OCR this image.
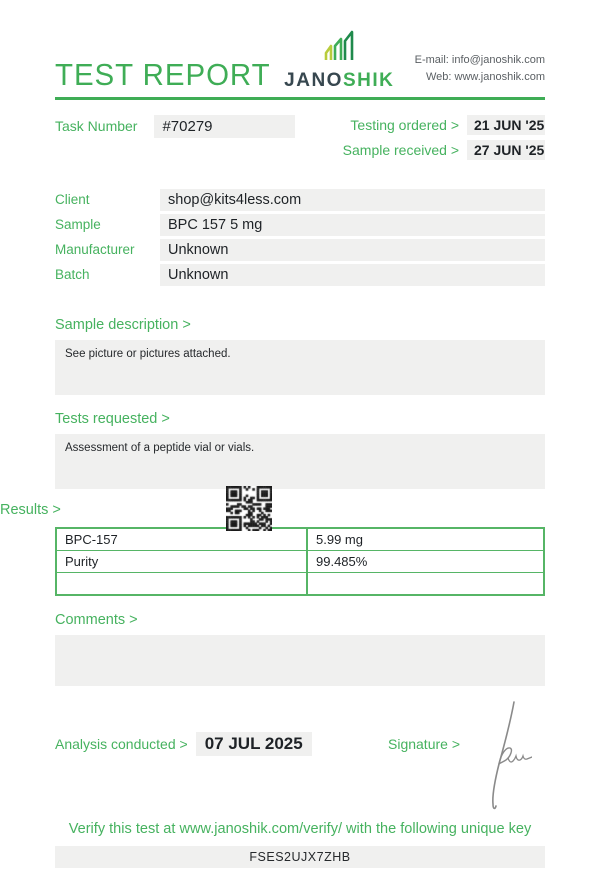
TEST REPORT JANOSHIK
E-mail: info@janoshik.com
Web: www.janoshik.com
Task Number	#70279	Testing ordered >	21 JUN '25
Sample received >	27 JUN '25
Client	shop@kits4less.com
Sample	BPC 157 5 mg
Manufacturer	Unknown
Batch	Unknown
Sample description >
See picture or pictures attached.
Tests requested >
Assessment of a peptide vial or vials.
Results >
BPC-157	5.99 mg
Purity	99.485%
Comments >
Analysis conducted >	07 JUL 2025	Signature >
Verify this test at www.janoshik.com/verify/ with the following unique key
FSES2UJX7ZHB
